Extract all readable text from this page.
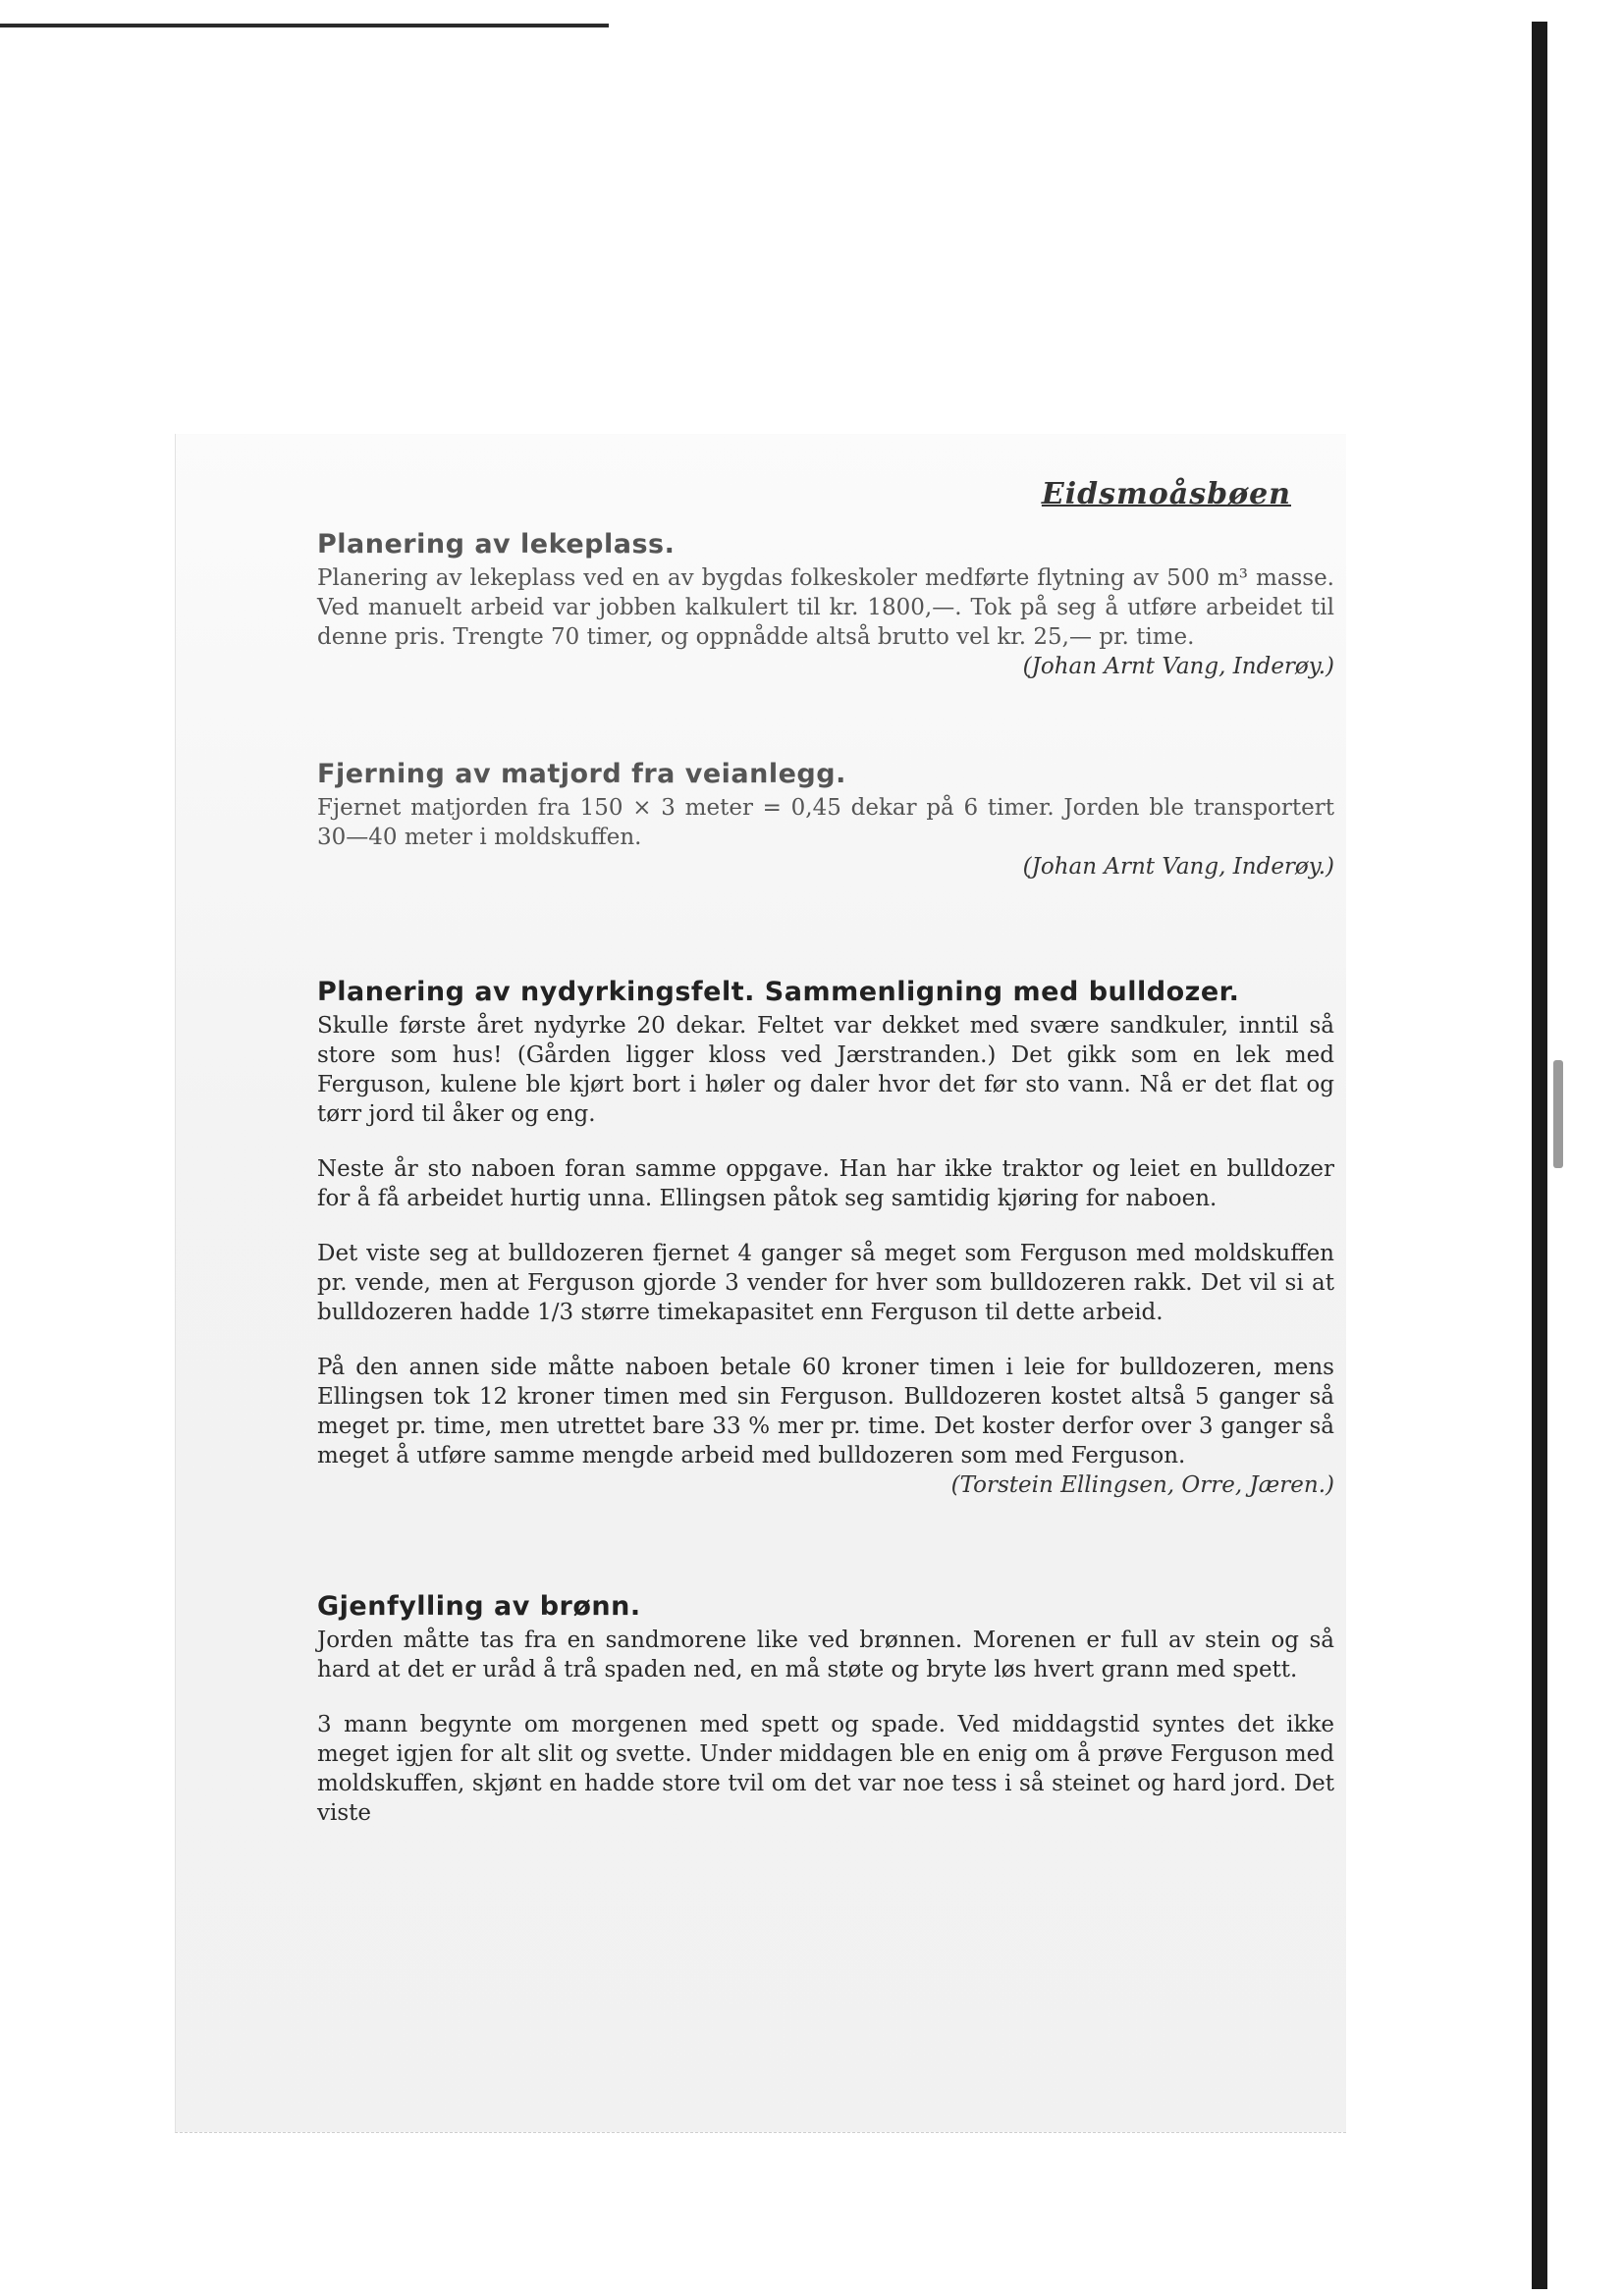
Eidsmoåsbøen
Planering av lekeplass.

Planering av lekeplass ved en av bygdas folkeskoler medførte flytning av 500 m³ masse. Ved manuelt arbeid var jobben kalkulert til kr. 1800,—. Tok på seg å utføre arbeidet til denne pris. Trengte 70 timer, og oppnådde altså brutto vel kr. 25,— pr. time.

(Johan Arnt Vang, Inderøy.)

Fjerning av matjord fra veianlegg.

Fjernet matjorden fra 150 × 3 meter = 0,45 dekar på 6 timer. Jorden ble transportert 30—40 meter i moldskuffen.

(Johan Arnt Vang, Inderøy.)

Planering av nydyrkingsfelt. Sammenligning med bulldozer.

Skulle første året nydyrke 20 dekar. Feltet var dekket med svære sandkuler, inntil så store som hus! (Gården ligger kloss ved Jærstranden.) Det gikk som en lek med Ferguson, kulene ble kjørt bort i høler og daler hvor det før sto vann. Nå er det flat og tørr jord til åker og eng.

Neste år sto naboen foran samme oppgave. Han har ikke traktor og leiet en bulldozer for å få arbeidet hurtig unna. Ellingsen påtok seg samtidig kjøring for naboen.

Det viste seg at bulldozeren fjernet 4 ganger så meget som Ferguson med moldskuffen pr. vende, men at Ferguson gjorde 3 vender for hver som bulldozeren rakk. Det vil si at bulldozeren hadde 1/3 større timekapasitet enn Ferguson til dette arbeid.

På den annen side måtte naboen betale 60 kroner timen i leie for bulldozeren, mens Ellingsen tok 12 kroner timen med sin Ferguson. Bulldozeren kostet altså 5 ganger så meget pr. time, men utrettet bare 33 % mer pr. time. Det koster derfor over 3 ganger så meget å utføre samme mengde arbeid med bulldozeren som med Ferguson.

(Torstein Ellingsen, Orre, Jæren.)

Gjenfylling av brønn.

Jorden måtte tas fra en sandmorene like ved brønnen. Morenen er full av stein og så hard at det er uråd å trå spaden ned, en må støte og bryte løs hvert grann med spett.

3 mann begynte om morgenen med spett og spade. Ved middagstid syntes det ikke meget igjen for alt slit og svette. Under middagen ble en enig om å prøve Ferguson med moldskuffen, skjønt en hadde store tvil om det var noe tess i så steinet og hard jord. Det viste
